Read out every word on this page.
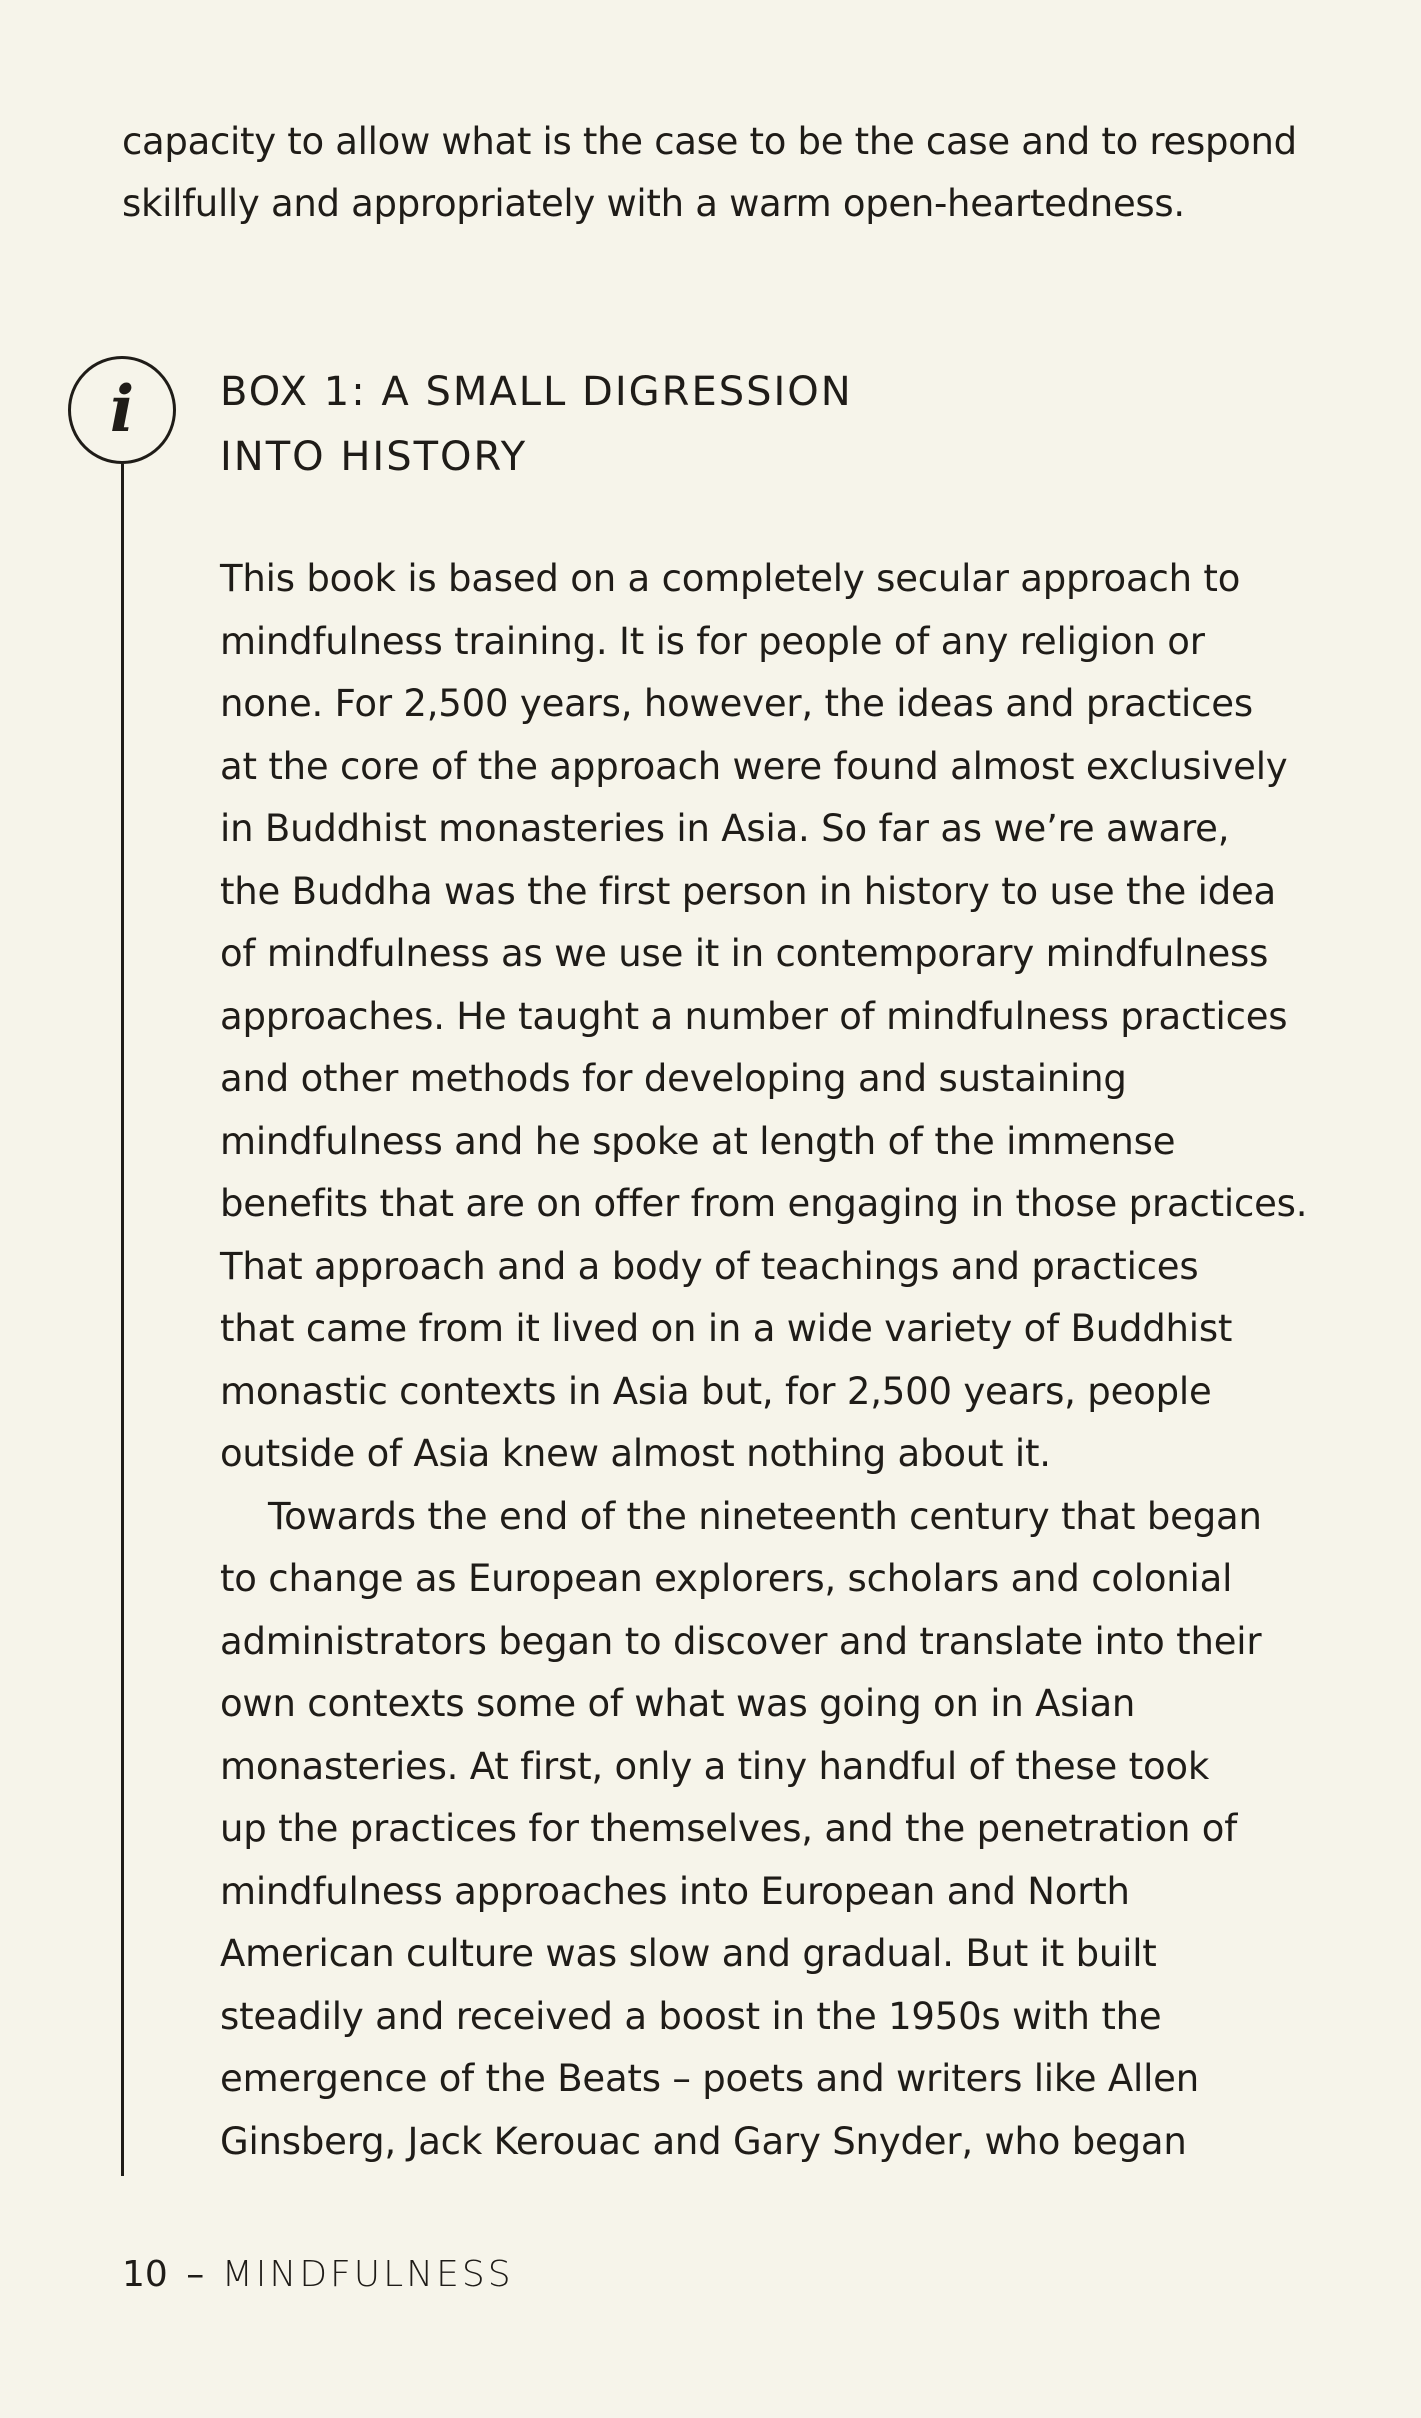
capacity to allow what is the case to be the case and to respond
skilfully and appropriately with a warm open-heartedness.
i	BOX 1: A SMALL DIGRESSION
INTO HISTORY

This book is based on a completely secular approach to
mindfulness training. It is for people of any religion or
none. For 2,500 years, however, the ideas and practices
at the core of the approach were found almost exclusively
in Buddhist monasteries in Asia. So far as we’re aware,
the Buddha was the first person in history to use the idea
of mindfulness as we use it in contemporary mindfulness
approaches. He taught a number of mindfulness practices
and other methods for developing and sustaining
mindfulness and he spoke at length of the immense
benefits that are on offer from engaging in those practices.
That approach and a body of teachings and practices
that came from it lived on in a wide variety of Buddhist
monastic contexts in Asia but, for 2,500 years, people
outside of Asia knew almost nothing about it.

Towards the end of the nineteenth century that began
to change as European explorers, scholars and colonial
administrators began to discover and translate into their
own contexts some of what was going on in Asian
monasteries. At first, only a tiny handful of these took
up the practices for themselves, and the penetration of
mindfulness approaches into European and North
American culture was slow and gradual. But it built
steadily and received a boost in the 1950s with the
emergence of the Beats – poets and writers like Allen
Ginsberg, Jack Kerouac and Gary Snyder, who began

10 – MINDFULNESS
